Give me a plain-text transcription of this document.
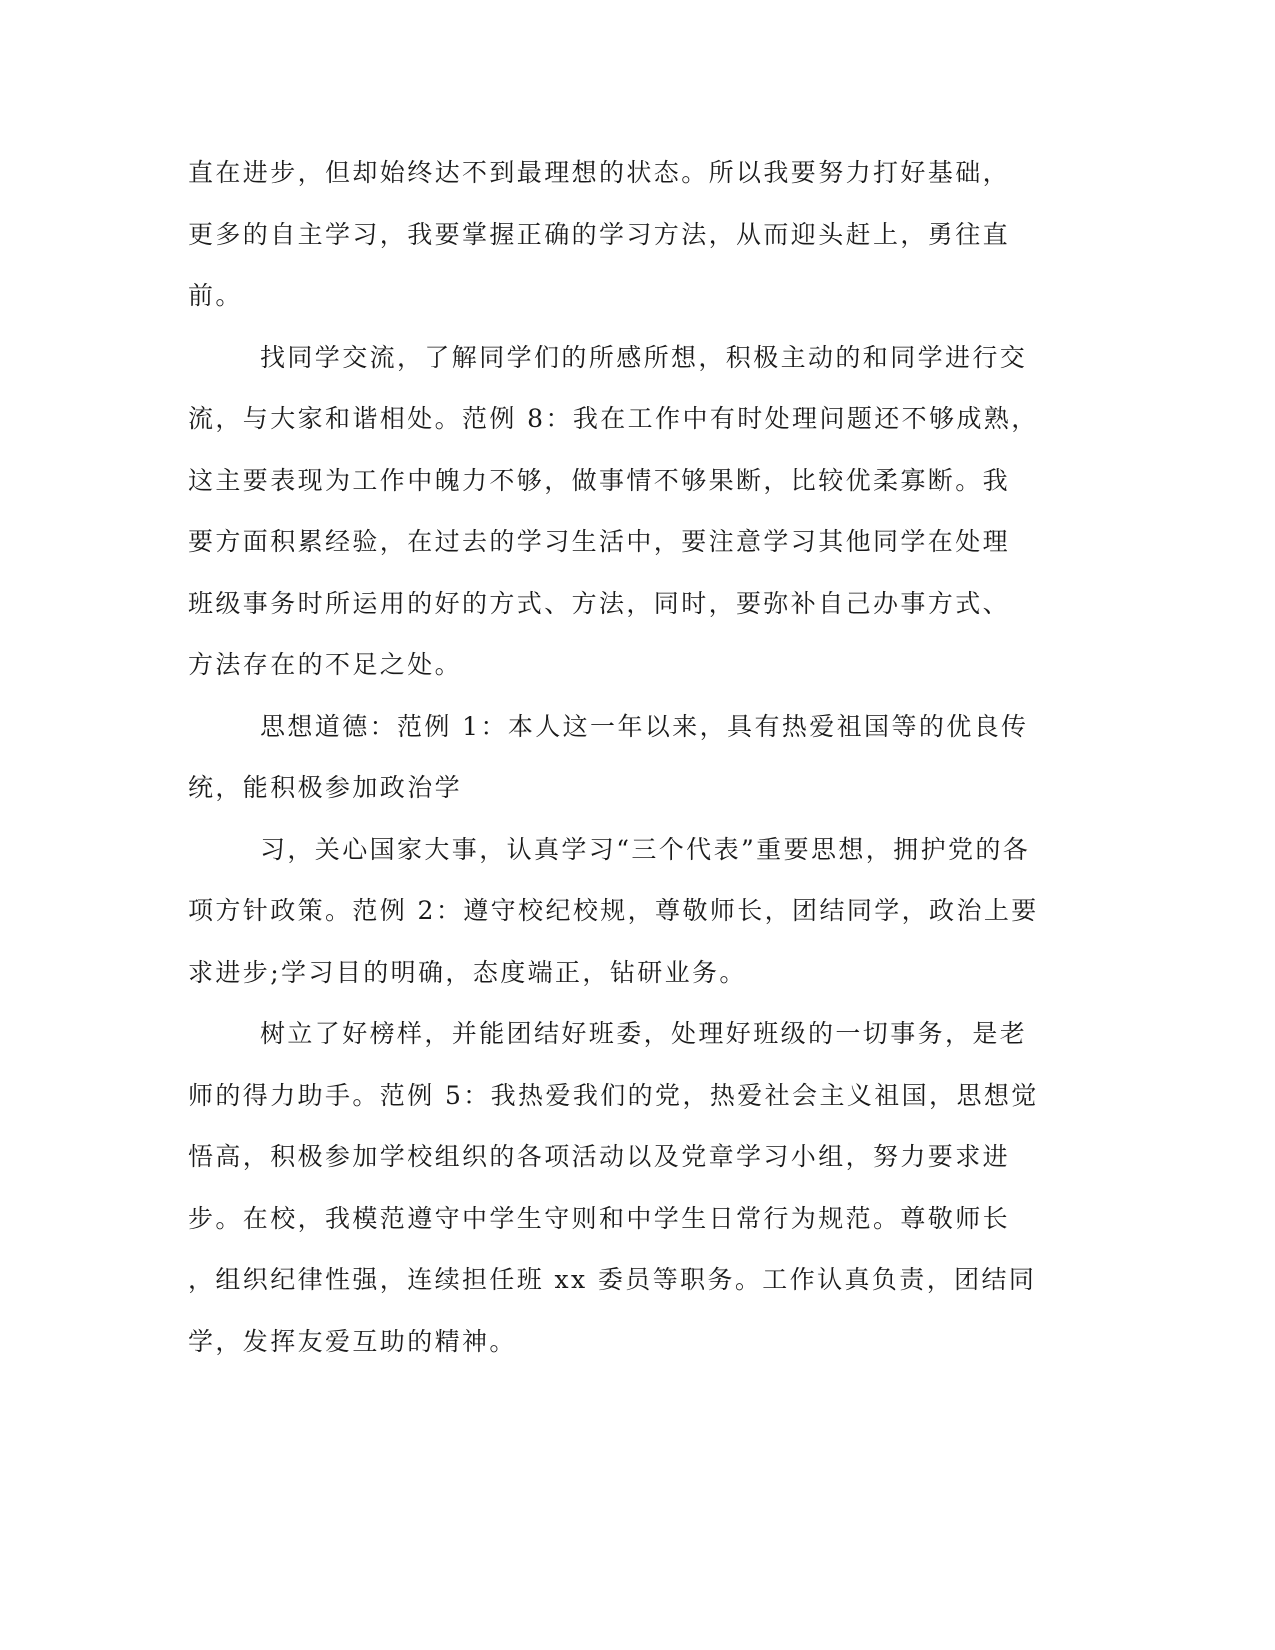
直在进步，但却始终达不到最理想的状态。所以我要努力打好基础，
更多的自主学习，我要掌握正确的学习方法，从而迎头赶上，勇往直
前。
找同学交流，了解同学们的所感所想，积极主动的和同学进行交
流，与大家和谐相处。范例 8：我在工作中有时处理问题还不够成熟，
这主要表现为工作中魄力不够，做事情不够果断，比较优柔寡断。我
要方面积累经验，在过去的学习生活中，要注意学习其他同学在处理
班级事务时所运用的好的方式、方法，同时，要弥补自己办事方式、
方法存在的不足之处。
思想道德：范例 1：本人这一年以来，具有热爱祖国等的优良传
统，能积极参加政治学
习，关心国家大事，认真学习“三个代表”重要思想，拥护党的各
项方针政策。范例 2：遵守校纪校规，尊敬师长，团结同学，政治上要
求进步;学习目的明确，态度端正，钻研业务。
树立了好榜样，并能团结好班委，处理好班级的一切事务，是老
师的得力助手。范例 5：我热爱我们的党，热爱社会主义祖国，思想觉
悟高，积极参加学校组织的各项活动以及党章学习小组，努力要求进
步。在校，我模范遵守中学生守则和中学生日常行为规范。尊敬师长
，组织纪律性强，连续担任班 xx 委员等职务。工作认真负责，团结同
学，发挥友爱互助的精神。
